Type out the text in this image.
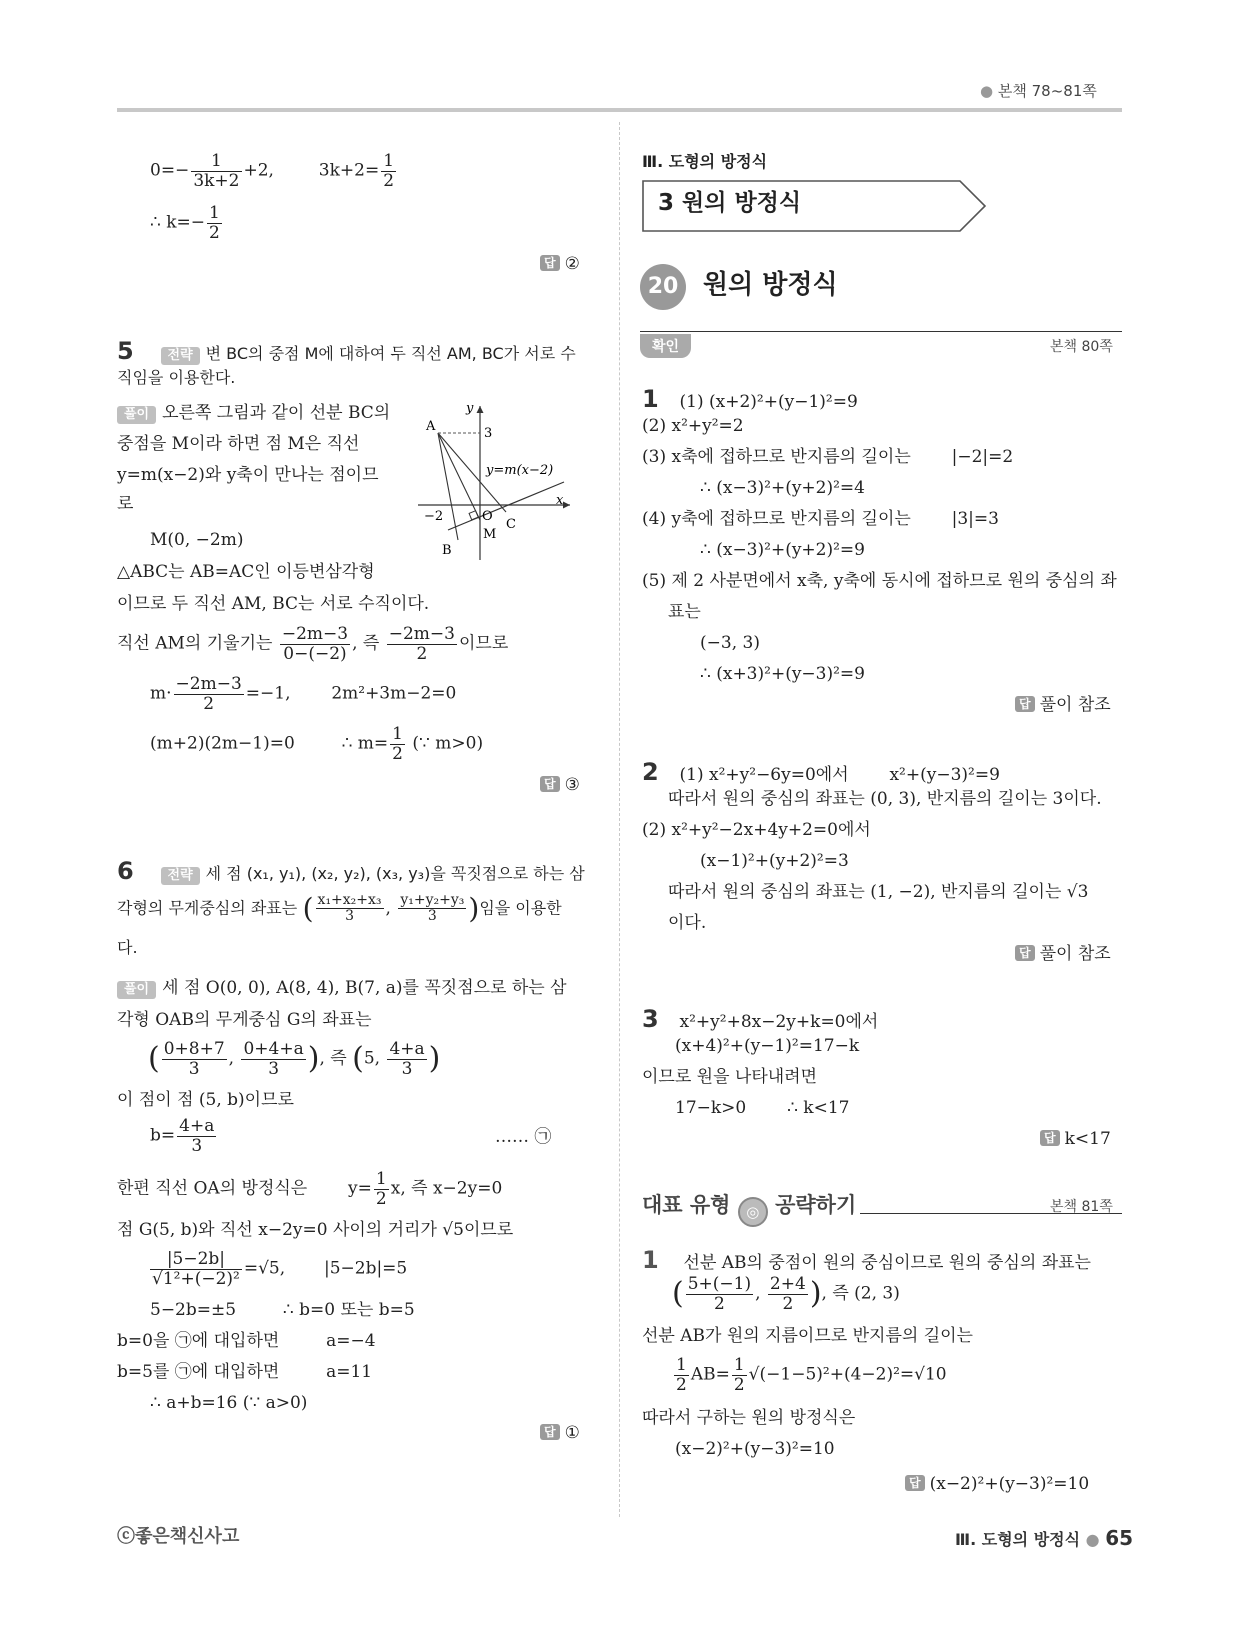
● 본책 78~81쪽
$0=- \frac{1}{3k+2} +2$,	$3k+2= \frac{1}{2}$
∴ $k=- \frac{1}{2}$
답 ②
5	전략 변 BC의 중점 M에 대하여 두 직선 AM, BC가 서로 수
직임을 이용한다.
풀이 오른쪽 그림과 같이 선분 BC의
중점을 M이라 하면 점 M은 직선
y=m(x−2)와 y축이 만나는 점이므
로
M(0, −2m)
△ABC는 AB=AC인 이등변삼각형
이므로 두 직선 AM, BC는 서로 수직이다.
직선 AM의 기울기는 $\frac{-2m-3}{0-(-2)}$ , 즉 $\frac{-2m-3}{2}$ 이므로
$m\cdot \frac{-2m-3}{2} =-1$, 2m²+3m−2=0
(m+2)(2m−1)=0	∴ $m= \frac{1}{2}$ (∵ m>0)
답 ③
y
x
3
−2	O
A
B
C
M
y=m(x−2)
6	전략 세 점 (x₁, y₁), (x₂, y₂), (x₃, y₃)을 꼭짓점으로 하는 삼
각형의 무게중심의 좌표는 ( $\frac{\text{x₁+x₂+x₃}}{3}$ , $\frac{\text{y₁+y₂+y₃}}{3}$ )임을 이용한
다.
풀이 세 점 O(0, 0), A(8, 4), B(7, a)를 꼭짓점으로 하는 삼
각형 OAB의 무게중심 G의 좌표는
( $\frac{0+8+7}{3}$ , $\frac{0+4+a}{3}$ ), 즉 (5, $\frac{4+a}{3}$ )
이 점이 점 (5, b)이므로
$b= \frac{4+a}{3}$	…… ㉠
한편 직선 OA의 방정식은 $y= \frac{1}{2} x$, 즉 x−2y=0
점 G(5, b)와 직선 x−2y=0 사이의 거리가 √5이므로
$\frac{|5-2b|}{\text{√1²+(−2)²}} =√5$, |5−2b|=5
5−2b=±5	∴ b=0 또는 b=5
b=0을 ㉠에 대입하면	a=−4
b=5를 ㉠에 대입하면	a=11
∴ a+b=16 (∵ a>0)
답 ①
Ⅲ. 도형의 방정식
3 원의 방정식
20 원의 방정식
확인	본책 80쪽
1 (1) (x+2)²+(y−1)²=9
(2) x²+y²=2
(3) x축에 접하므로 반지름의 길이는 |−2|=2
∴ (x−3)²+(y+2)²=4
(4) y축에 접하므로 반지름의 길이는 |3|=3
∴ (x−3)²+(y+2)²=9
(5) 제 2 사분면에서 x축, y축에 동시에 접하므로 원의 중심의 좌
표는
(−3, 3)
∴ (x+3)²+(y−3)²=9
답 풀이 참조
2 (1) x²+y²−6y=0에서 x²+(y−3)²=9
따라서 원의 중심의 좌표는 (0, 3), 반지름의 길이는 3이다.
(2) x²+y²−2x+4y+2=0에서
(x−1)²+(y+2)²=3
따라서 원의 중심의 좌표는 (1, −2), 반지름의 길이는 √3
이다.
답 풀이 참조
3 x²+y²+8x−2y+k=0에서
(x+4)²+(y−1)²=17−k
이므로 원을 나타내려면
17−k>0 ∴ k<17
답 k<17
대표 유형 ◎ 공략하기	본책 81쪽
1 선분 AB의 중점이 원의 중심이므로 원의 중심의 좌표는
( $\frac{5+(-1)}{2}$ , $\frac{2+4}{2}$ ), 즉 (2, 3)
선분 AB가 원의 지름이므로 반지름의 길이는
$\frac{1}{2} AB= \frac{1}{2} √(-1-5)^2+(4-2)^2=√10$
따라서 구하는 원의 방정식은
(x−2)²+(y−3)²=10
답 (x−2)²+(y−3)²=10
ⓒ좋은책신사고	Ⅲ. 도형의 방정식 ● 65
